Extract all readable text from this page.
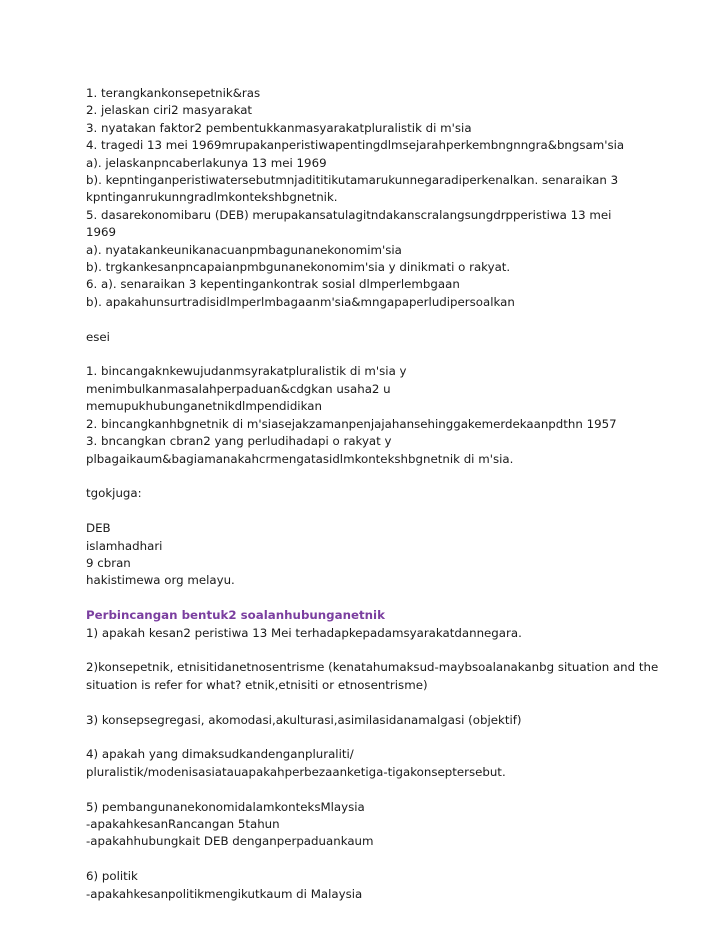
1. terangkankonsepetnik&ras
2. jelaskan ciri2 masyarakat
3. nyatakan faktor2 pembentukkanmasyarakatpluralistik di m'sia
4. tragedi 13 mei 1969mrupakanperistiwapentingdlmsejarahperkembngnngra&bngsam'sia
a). jelaskanpncaberlakunya 13 mei 1969
b). kepntinganperistiwatersebutmnjadititikutamarukunnegaradiperkenalkan. senaraikan 3
kpntinganrukunngradlmkontekshbgnetnik.
5. dasarekonomibaru (DEB) merupakansatulagitndakanscralangsungdrpperistiwa 13 mei
1969
a). nyatakankeunikanacuanpmbagunanekonomim'sia
b). trgkankesanpncapaianpmbgunanekonomim'sia y dinikmati o rakyat.
6. a). senaraikan 3 kepentingankontrak sosial dlmperlembgaan
b). apakahunsurtradisidlmperlmbagaanm'sia&mngapaperludipersoalkan
esei
1. bincangaknkewujudanmsyrakatpluralistik di m'sia y
menimbulkanmasalahperpaduan&cdgkan usaha2 u
memupukhubunganetnikdlmpendidikan
2. bincangkanhbgnetnik di m'siasejakzamanpenjajahansehinggakemerdekaanpdthn 1957
3. bncangkan cbran2 yang perludihadapi o rakyat y
plbagaikaum&bagiamanakahcrmengatasidlmkontekshbgnetnik di m'sia.
tgokjuga:
DEB
islamhadhari
9 cbran
hakistimewa org melayu.
Perbincangan bentuk2 soalanhubunganetnik
1) apakah kesan2 peristiwa 13 Mei terhadapkepadamsyarakatdannegara.
2)konsepetnik, etnisitidanetnosentrisme (kenatahumaksud-maybsoalanakanbg situation and the situation is refer for what? etnik,etnisiti or etnosentrisme)
3) konsepsegregasi, akomodasi,akulturasi,asimilasidanamalgasi (objektif)
4) apakah yang dimaksudkandenganpluraliti/
pluralistik/modenisasiatauapakahperbezaanketiga-tigakonseptersebut.
5) pembangunanekonomidalamkonteksMlaysia
-apakahkesanRancangan 5tahun
-apakahhubungkait DEB denganperpaduankaum
6) politik
-apakahkesanpolitikmengikutkaum di Malaysia
